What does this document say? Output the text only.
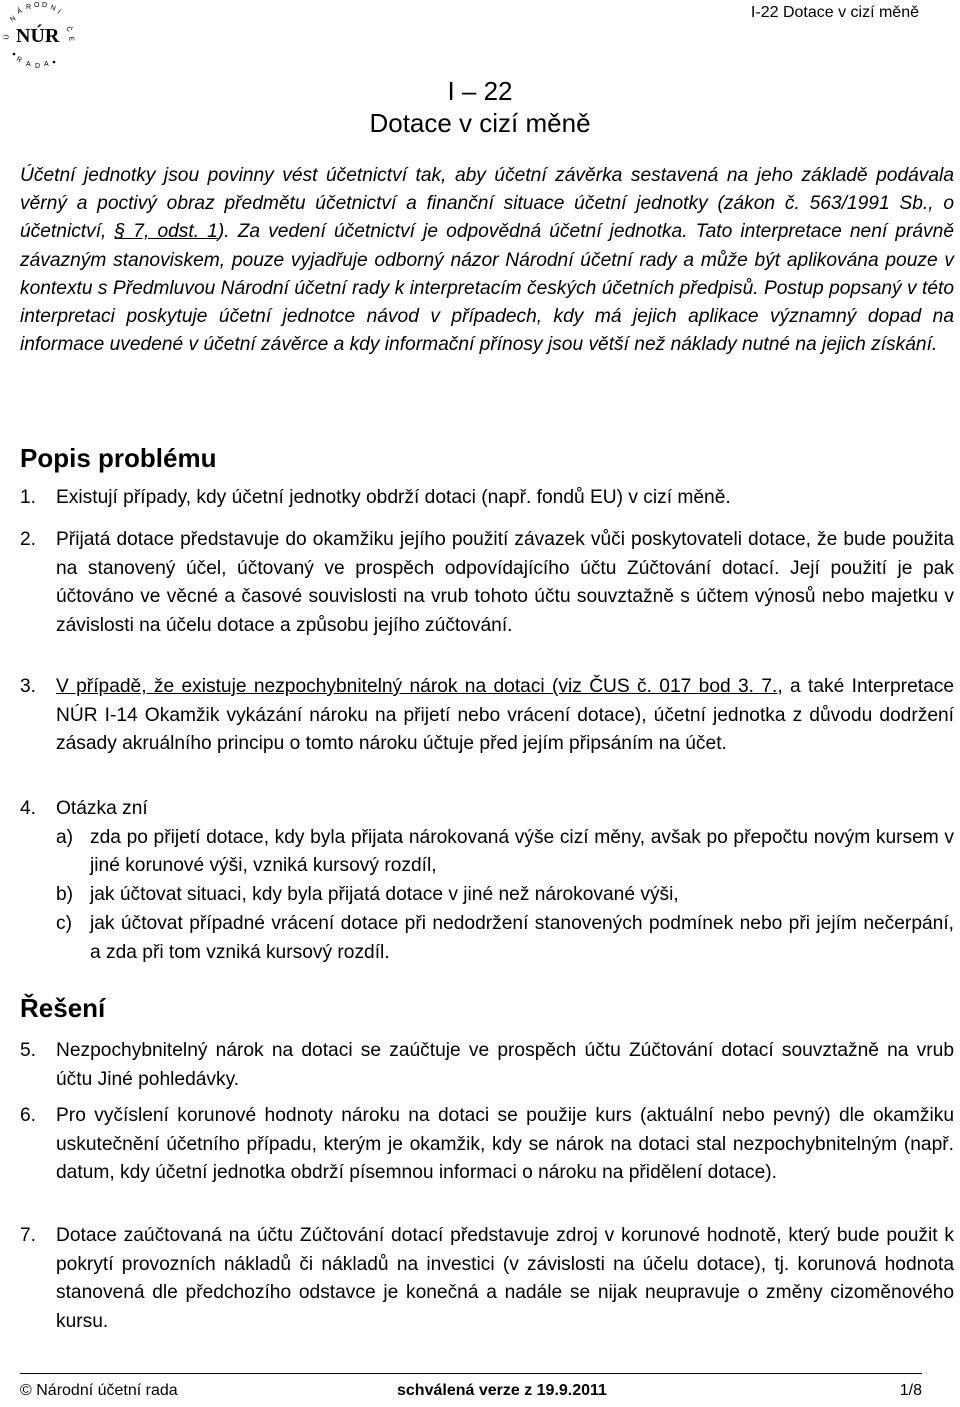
N
Á
R O D N Í
Ú
Č
E
NÚR
R
A D A
I-22 Dotace v cizí měně
I – 22
Dotace v cizí měně

Účetní jednotky jsou povinny vést účetnictví tak, aby účetní závěrka sestavená na jeho základě podávala věrný a poctivý obraz předmětu účetnictví a finanční situace účetní jednotky (zákon č. 563/1991 Sb., o účetnictví, § 7, odst. 1). Za vedení účetnictví je odpovědná účetní jednotka. Tato interpretace není právně závazným stanoviskem, pouze vyjadřuje odborný názor Národní účetní rady a může být aplikována pouze v kontextu s Předmluvou Národní účetní rady k interpretacím českých účetních předpisů. Postup popsaný v této interpretaci poskytuje účetní jednotce návod v případech, kdy má jejich aplikace významný dopad na informace uvedené v účetní závěrce a kdy informační přínosy jsou větší než náklady nutné na jejich získání.

Popis problému
1.	Existují případy, kdy účetní jednotky obdrží dotaci (např. fondů EU) v cizí měně.
2.	Přijatá dotace představuje do okamžiku jejího použití závazek vůči poskytovateli dotace, že bude použita na stanovený účel, účtovaný ve prospěch odpovídajícího účtu Zúčtování dotací. Její použití je pak účtováno ve věcné a časové souvislosti na vrub tohoto účtu souvztažně s účtem výnosů nebo majetku v závislosti na účelu dotace a způsobu jejího zúčtování.
3.	V případě, že existuje nezpochybnitelný nárok na dotaci (viz ČUS č. 017 bod 3. 7., a také Interpretace NÚR I-14 Okamžik vykázání nároku na přijetí nebo vrácení dotace), účetní jednotka z důvodu dodržení zásady akruálního principu o tomto nároku účtuje před jejím připsáním na účet.
4.	Otázka zní
a) zda po přijetí dotace, kdy byla přijata nárokovaná výše cizí měny, avšak po přepočtu novým kursem v jiné korunové výši, vzniká kursový rozdíl,
b) jak účtovat situaci, kdy byla přijatá dotace v jiné než nárokované výši,
c) jak účtovat případné vrácení dotace při nedodržení stanovených podmínek nebo při jejím nečerpání, a zda při tom vzniká kursový rozdíl.
Řešení
5.	Nezpochybnitelný nárok na dotaci se zaúčtuje ve prospěch účtu Zúčtování dotací souvztažně na vrub účtu Jiné pohledávky.
6.	Pro vyčíslení korunové hodnoty nároku na dotaci se použije kurs (aktuální nebo pevný) dle okamžiku uskutečnění účetního případu, kterým je okamžik, kdy se nárok na dotaci stal nezpochybnitelným (např. datum, kdy účetní jednotka obdrží písemnou informaci o nároku na přidělení dotace).
7.	Dotace zaúčtovaná na účtu Zúčtování dotací představuje zdroj v korunové hodnotě, který bude použit k pokrytí provozních nákladů či nákladů na investici (v závislosti na účelu dotace), tj. korunová hodnota stanovená dle předchozího odstavce je konečná a nadále se nijak neupravuje o změny cizoměnového kursu.
© Národní účetní rada	schválená verze z 19.9.2011	1/8
